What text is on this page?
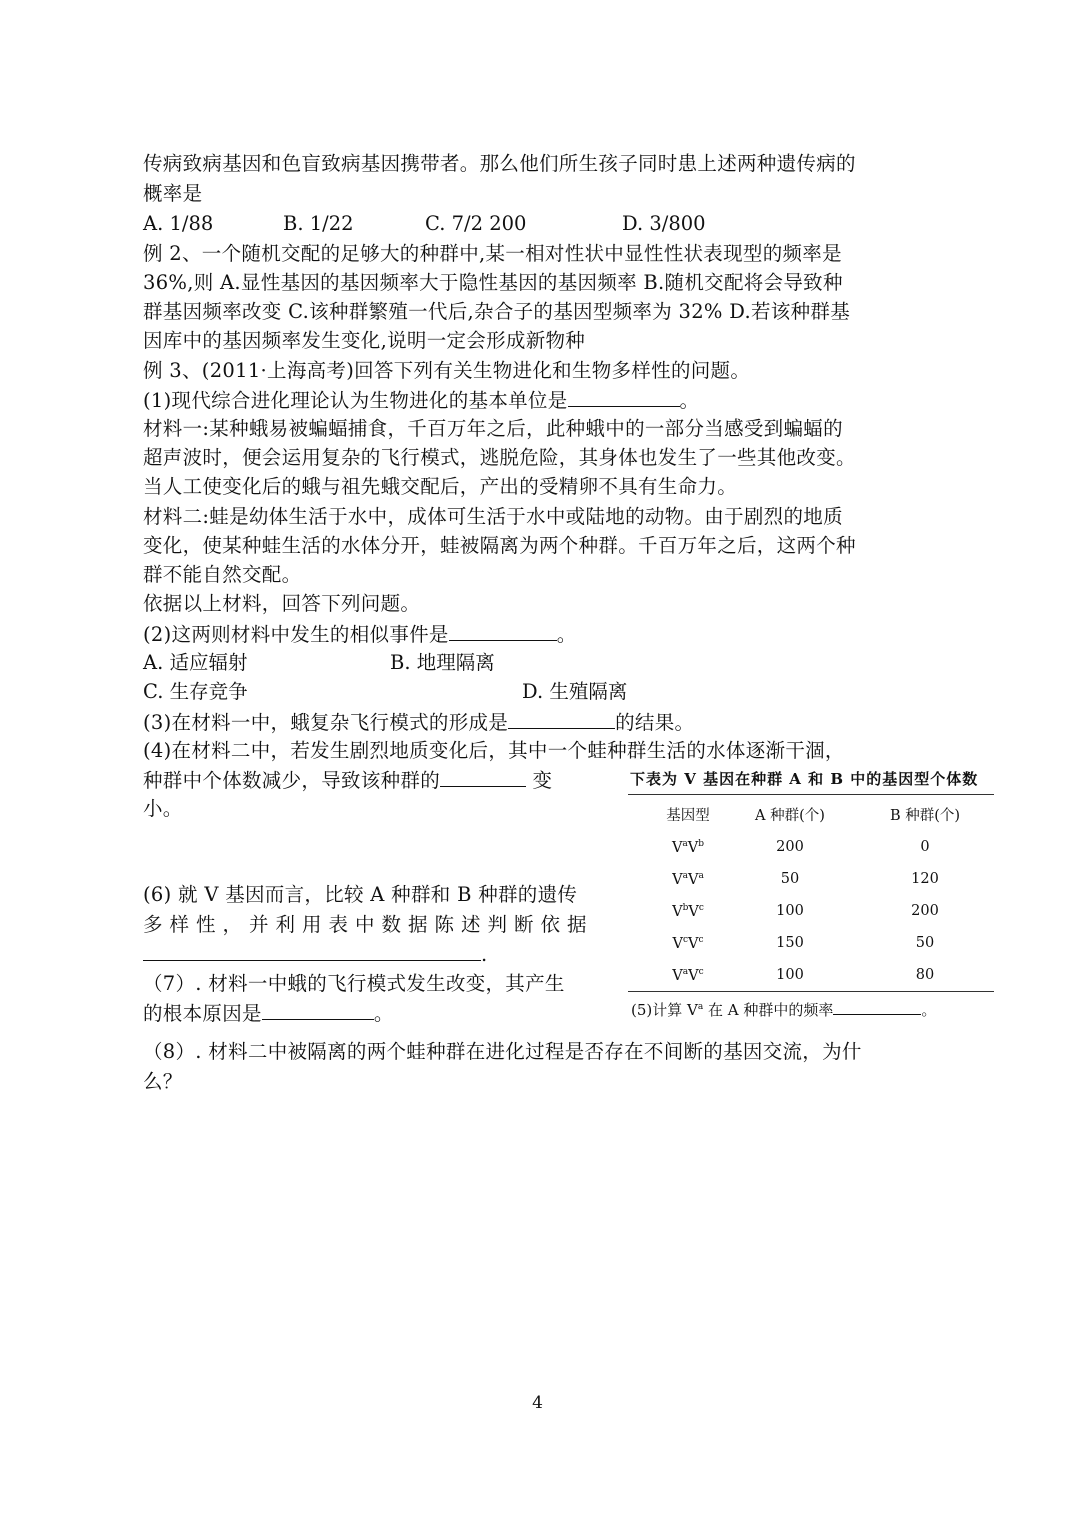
传病致病基因和色盲致病基因携带者。那么他们所生孩子同时患上述两种遗传病的
概率是
A. 1/88	B. 1/22	C. 7/2 200	D. 3/800
例 2、一个随机交配的足够大的种群中,某一相对性状中显性性状表现型的频率是
36%,则 A.显性基因的基因频率大于隐性基因的基因频率 B.随机交配将会导致种
群基因频率改变 C.该种群繁殖一代后,杂合子的基因型频率为 32% D.若该种群基
因库中的基因频率发生变化,说明一定会形成新物种
例 3、(2011·上海高考)回答下列有关生物进化和生物多样性的问题。
(1)现代综合进化理论认为生物进化的基本单位是	。
材料一:某种蛾易被蝙蝠捕食，千百万年之后，此种蛾中的一部分当感受到蝙蝠的
超声波时，便会运用复杂的飞行模式，逃脱危险，其身体也发生了一些其他改变。
当人工使变化后的蛾与祖先蛾交配后，产出的受精卵不具有生命力。
材料二:蛙是幼体生活于水中，成体可生活于水中或陆地的动物。由于剧烈的地质
变化，使某种蛙生活的水体分开，蛙被隔离为两个种群。千百万年之后，这两个种
群不能自然交配。
依据以上材料，回答下列问题。
(2)这两则材料中发生的相似事件是	。
A. 适应辐射	B. 地理隔离
C. 生存竞争	D. 生殖隔离
(3)在材料一中，蛾复杂飞行模式的形成是	的结果。
(4)在材料二中，若发生剧烈地质变化后，其中一个蛙种群生活的水体逐渐干涸，
种群中个体数减少，导致该种群的	变
小。
(6) 就 V 基因而言，比较 A 种群和 B 种群的遗传
多样性，并利用表中数据陈述判断依据
.
（7）. 材料一中蛾的飞行模式发生改变，其产生
的根本原因是	。
（8）. 材料二中被隔离的两个蛙种群在进化过程是否存在不间断的基因交流，为什
么？
下表为 V 基因在种群 A 和 B 中的基因型个体数
基因型	A 种群(个)	B 种群(个)
$V^aV^b$	200	0
$V^aV^a$	50	120
$V^bV^c$	100	200
$V^cV^c$	150	50
$V^aV^c$	100	80
(5)计算 $V^a$ 在 A 种群中的频率	。
4
